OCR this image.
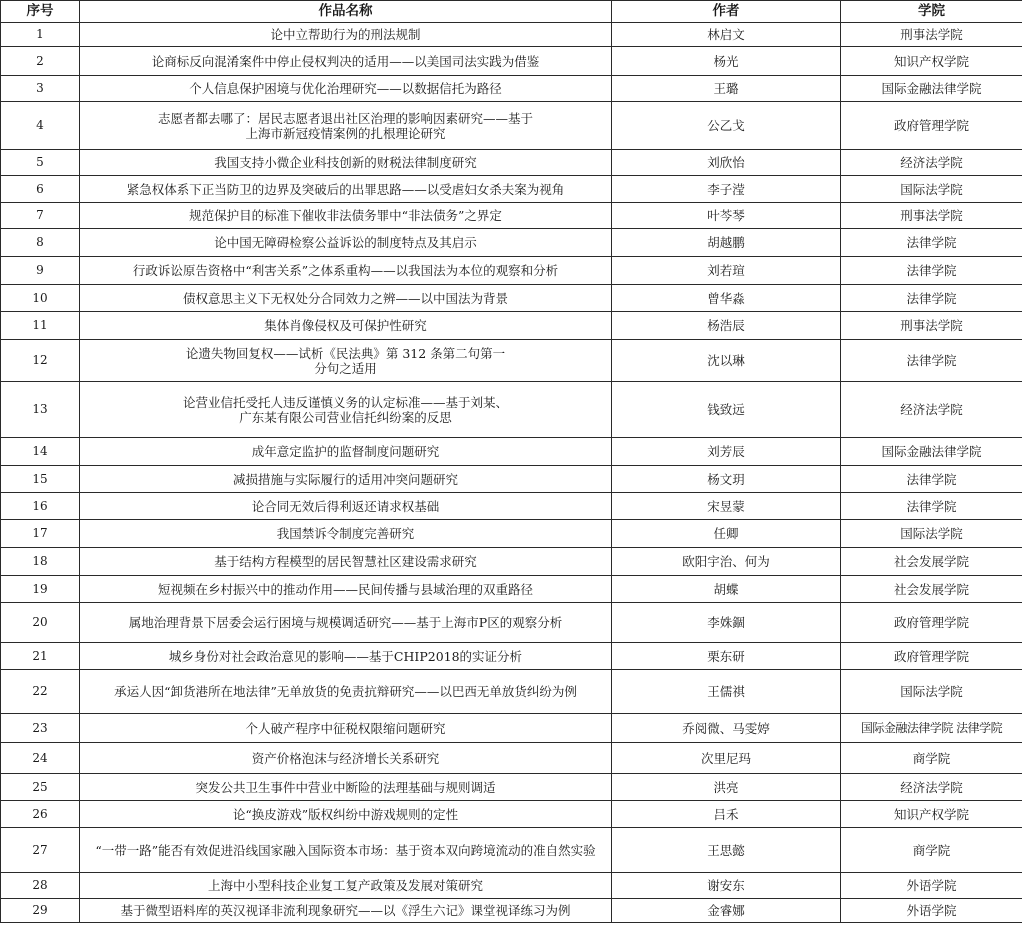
序号	作品名称	作者	学院
1	论中立帮助行为的刑法规制	林启文	刑事法学院
2	论商标反向混淆案件中停止侵权判决的适用——以美国司法实践为借鉴	杨光	知识产权学院
3	个人信息保护困境与优化治理研究——以数据信托为路径	王璐	国际金融法律学院
4	志愿者都去哪了：居民志愿者退出社区治理的影响因素研究——基于上海市新冠疫情案例的扎根理论研究	公乙戈	政府管理学院
5	我国支持小微企业科技创新的财税法律制度研究	刘欣怡	经济法学院
6	紧急权体系下正当防卫的边界及突破后的出罪思路——以受虐妇女杀夫案为视角	李子滢	国际法学院
7	规范保护目的标准下催收非法债务罪中“非法债务”之界定	叶芩琴	刑事法学院
8	论中国无障碍检察公益诉讼的制度特点及其启示	胡越鹏	法律学院
9	行政诉讼原告资格中“利害关系”之体系重构——以我国法为本位的观察和分析	刘若瑄	法律学院
10	债权意思主义下无权处分合同效力之辨——以中国法为背景	曾华淼	法律学院
11	集体肖像侵权及可保护性研究	杨浩辰	刑事法学院
12	论遗失物回复权——试析《民法典》第 312 条第二句第一分句之适用	沈以琳	法律学院
13	论营业信托受托人违反谨慎义务的认定标准——基于刘某、广东某有限公司营业信托纠纷案的反思	钱致远	经济法学院
14	成年意定监护的监督制度问题研究	刘芳辰	国际金融法律学院
15	减损措施与实际履行的适用冲突问题研究	杨文玥	法律学院
16	论合同无效后得利返还请求权基础	宋昱蒙	法律学院
17	我国禁诉令制度完善研究	任卿	国际法学院
18	基于结构方程模型的居民智慧社区建设需求研究	欧阳宇治、何为	社会发展学院
19	短视频在乡村振兴中的推动作用——民间传播与县域治理的双重路径	胡蝶	社会发展学院
20	属地治理背景下居委会运行困境与规模调适研究——基于上海市P区的观察分析	李姝錮	政府管理学院
21	城乡身份对社会政治意见的影响——基于CHIP2018的实证分析	栗东研	政府管理学院
22	承运人因“卸货港所在地法律”无单放货的免责抗辩研究——以巴西无单放货纠纷为例	王儒祺	国际法学院
23	个人破产程序中征税权限缩问题研究	乔阅微、马雯婷	国际金融法律学院 法律学院
24	资产价格泡沫与经济增长关系研究	次里尼玛	商学院
25	突发公共卫生事件中营业中断险的法理基础与规则调适	洪亮	经济法学院
26	论“换皮游戏”版权纠纷中游戏规则的定性	吕禾	知识产权学院
27	“一带一路”能否有效促进沿线国家融入国际资本市场：基于资本双向跨境流动的准自然实验	王思懿	商学院
28	上海中小型科技企业复工复产政策及发展对策研究	谢安东	外语学院
29	基于微型语料库的英汉视译非流利现象研究——以《浮生六记》课堂视译练习为例	金睿娜	外语学院
